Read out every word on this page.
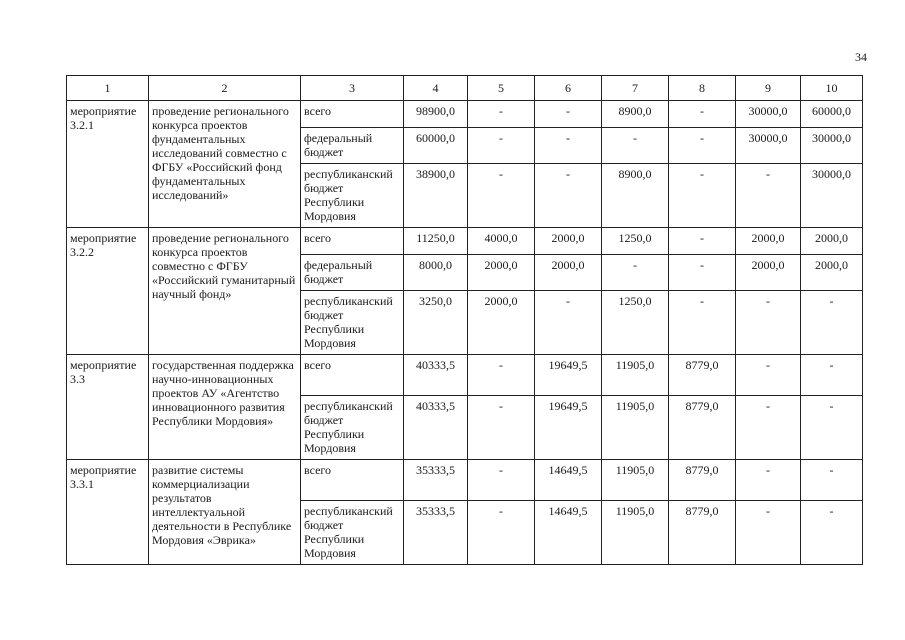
34
1	2	3	4	5	6	7	8	9	10
мероприятие 3.2.1	проведение регионального конкурса проектов фундаментальных исследований совместно с ФГБУ «Российский фонд фундаментальных исследований»	всего	98900,0	-	-	8900,0	-	30000,0	60000,0
		федеральный бюджет	60000,0	-	-	-	-	30000,0	30000,0
		республиканский бюджет Республики Мордовия	38900,0	-	-	8900,0	-	-	30000,0
мероприятие 3.2.2	проведение регионального конкурса проектов совместно с ФГБУ «Российский гуманитарный научный фонд»	всего	11250,0	4000,0	2000,0	1250,0	-	2000,0	2000,0
		федеральный бюджет	8000,0	2000,0	2000,0	-	-	2000,0	2000,0
		республиканский бюджет Республики Мордовия	3250,0	2000,0	-	1250,0	-	-	-
мероприятие 3.3	государственная поддержка научно-инновационных проектов АУ «Агентство инновационного развития Республики Мордовия»	всего	40333,5	-	19649,5	11905,0	8779,0	-	-
		республиканский бюджет Республики Мордовия	40333,5	-	19649,5	11905,0	8779,0	-	-
мероприятие 3.3.1	развитие системы коммерциализации результатов интеллектуальной деятельности в Республике Мордовия «Эврика»	всего	35333,5	-	14649,5	11905,0	8779,0	-	-
		республиканский бюджет Республики Мордовия	35333,5	-	14649,5	11905,0	8779,0	-	-
